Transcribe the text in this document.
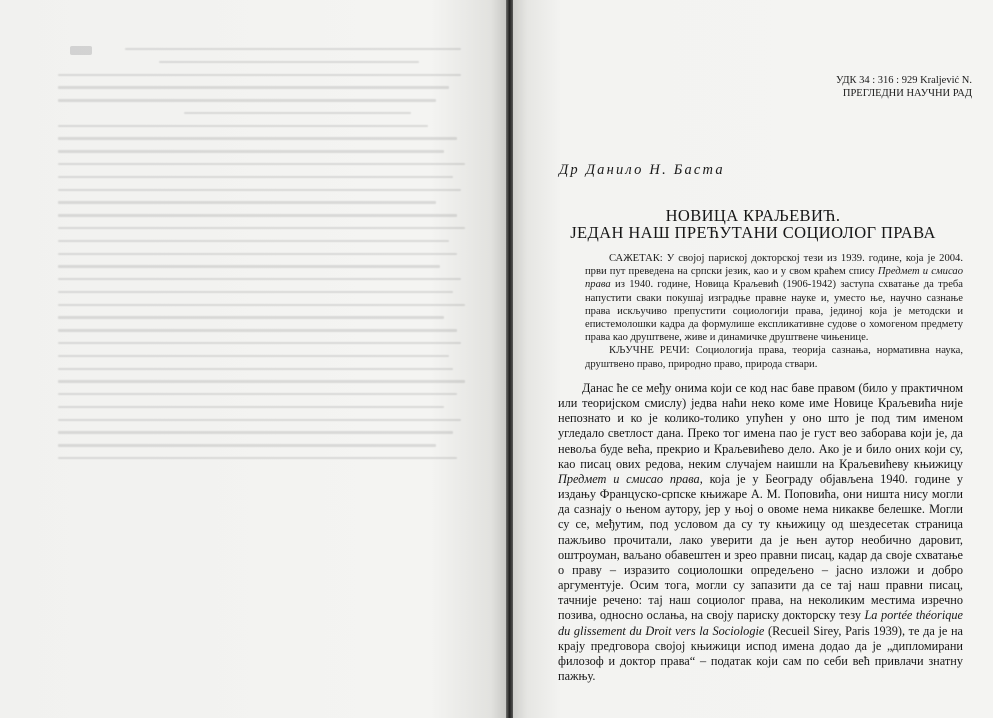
УДК 34 : 316 : 929 Kraljević N.
ПРЕГЛЕДНИ НАУЧНИ РАД
Др Данило Н. Баста
НОВИЦА КРАЉЕВИЋ.
ЈЕДАН НАШ ПРЕЋУТАНИ СОЦИОЛОГ ПРАВА

САЖЕТАК: У својој париској докторској тези из 1939. године, која је 2004. први пут преведена на српски језик, као и у свом краћем спису Предмет и смисао права из 1940. године, Новица Краљевић (1906-1942) заступа схватање да треба напустити сваки покушај изградње правне науке и, уместо ње, научно сазнање права искључиво препустити социологији права, јединој која је методски и епистемолошки кадра да формулише експликативне судове о хомогеном предмету права као друштвене, живе и динамичке друштвене чињенице.

КЉУЧНЕ РЕЧИ: Социологија права, теорија сазнања, нормативна наука, друштвено право, природно право, природа ствари.

Данас ће се међу онима који се код нас баве правом (било у практичном или теоријском смислу) једва наћи неко коме име Новице Краљевића није непознато и ко је колико-толико упућен у оно што је под тим именом угледало светлост дана. Преко тог имена пао је густ вео заборава који је, да невоља буде већа, прекрио и Краљевићево дело. Ако је и било оних који су, као писац ових редова, неким случајем наишли на Краљевићеву књижицу Предмет и смисао права, која је у Београду објављена 1940. године у издању Француско-српске књижаре А. М. Поповића, они ништа нису могли да сазнају о њеном аутору, јер у њој о овоме нема никакве белешке. Могли су се, међутим, под условом да су ту књижицу од шездесетак страница пажљиво прочитали, лако уверити да је њен аутор необично даровит, оштроуман, ваљано обавештен и зрео правни писац, кадар да своје схватање о праву – изразито социолошки опредељено – јасно изложи и добро аргументује. Осим тога, могли су запазити да се тај наш правни писац, тачније речено: тај наш социолог права, на неколиким местима изречно позива, односно ослања, на своју париску докторску тезу La portée théorique du glissement du Droit vers la Sociologie (Recueil Sirey, Paris 1939), те да је на крају предговора својој књижици испод имена додао да је „дипломирани филозоф и доктор права“ – податак који сам по себи већ привлачи знатну пажњу.
